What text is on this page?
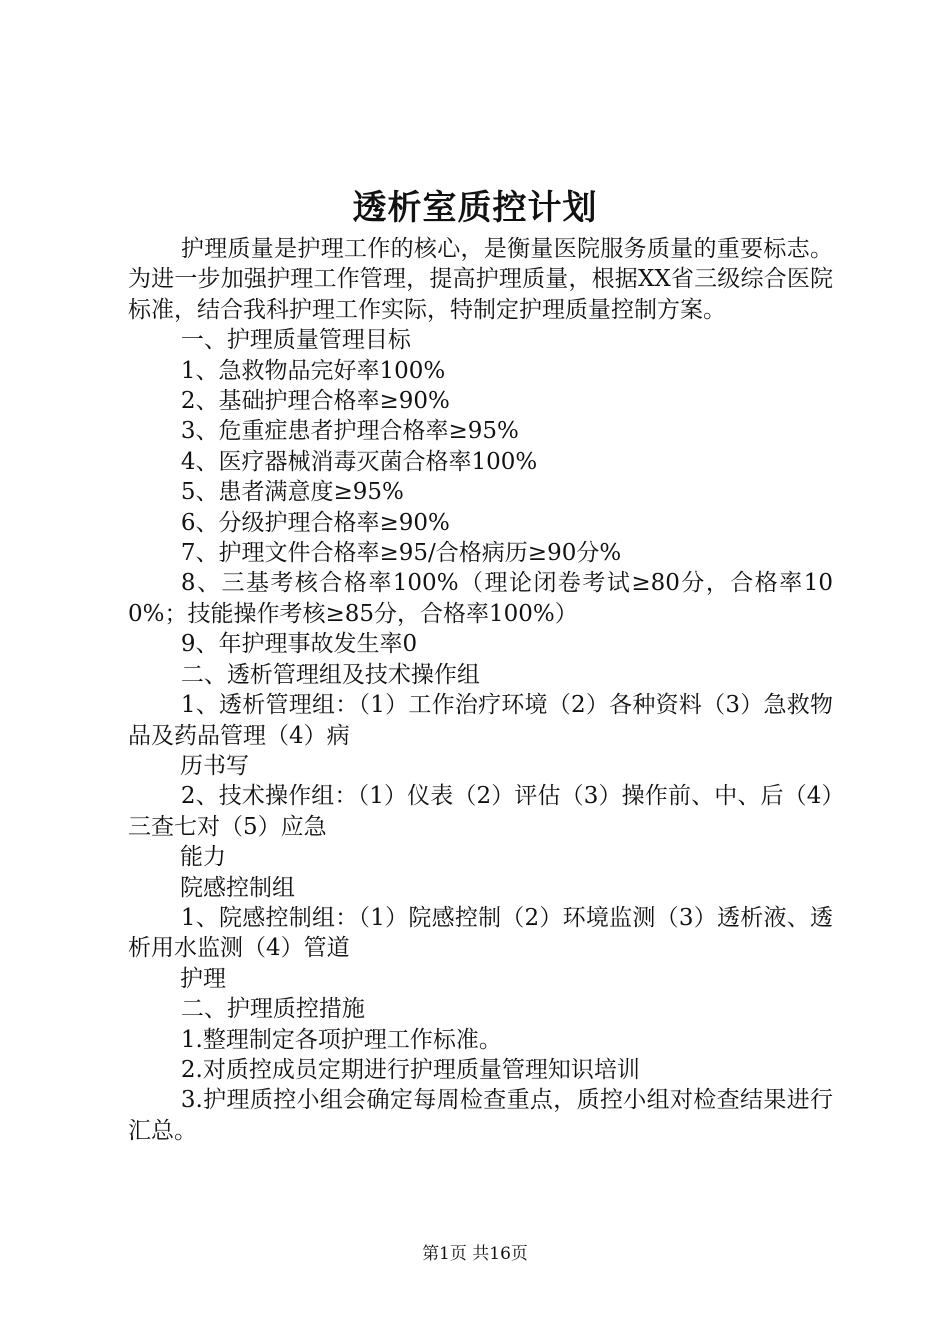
透析室质控计划

护理质量是护理工作的核心，是衡量医院服务质量的重要标志。为进一步加强护理工作管理，提高护理质量，根据XX省三级综合医院标准，结合我科护理工作实际，特制定护理质量控制方案。

一、护理质量管理目标

1、急救物品完好率100%

2、基础护理合格率≥90%

3、危重症患者护理合格率≥95%

4、医疗器械消毒灭菌合格率100%

5、患者满意度≥95%

6、分级护理合格率≥90%

7、护理文件合格率≥95/合格病历≥90分%

8、三基考核合格率100%（理论闭卷考试≥80分，合格率100%；技能操作考核≥85分，合格率100%）

9、年护理事故发生率0

二、透析管理组及技术操作组

1、透析管理组：（1）工作治疗环境（2）各种资料（3）急救物品及药品管理（4）病

历书写

2、技术操作组：（1）仪表（2）评估（3）操作前、中、后（4）三查七对（5）应急

能力

院感控制组

1、院感控制组：（1）院感控制（2）环境监测（3）透析液、透析用水监测（4）管道

护理

二、护理质控措施

1.整理制定各项护理工作标准。

2.对质控成员定期进行护理质量管理知识培训

3.护理质控小组会确定每周检查重点，质控小组对检查结果进行汇总。

第1页 共16页
